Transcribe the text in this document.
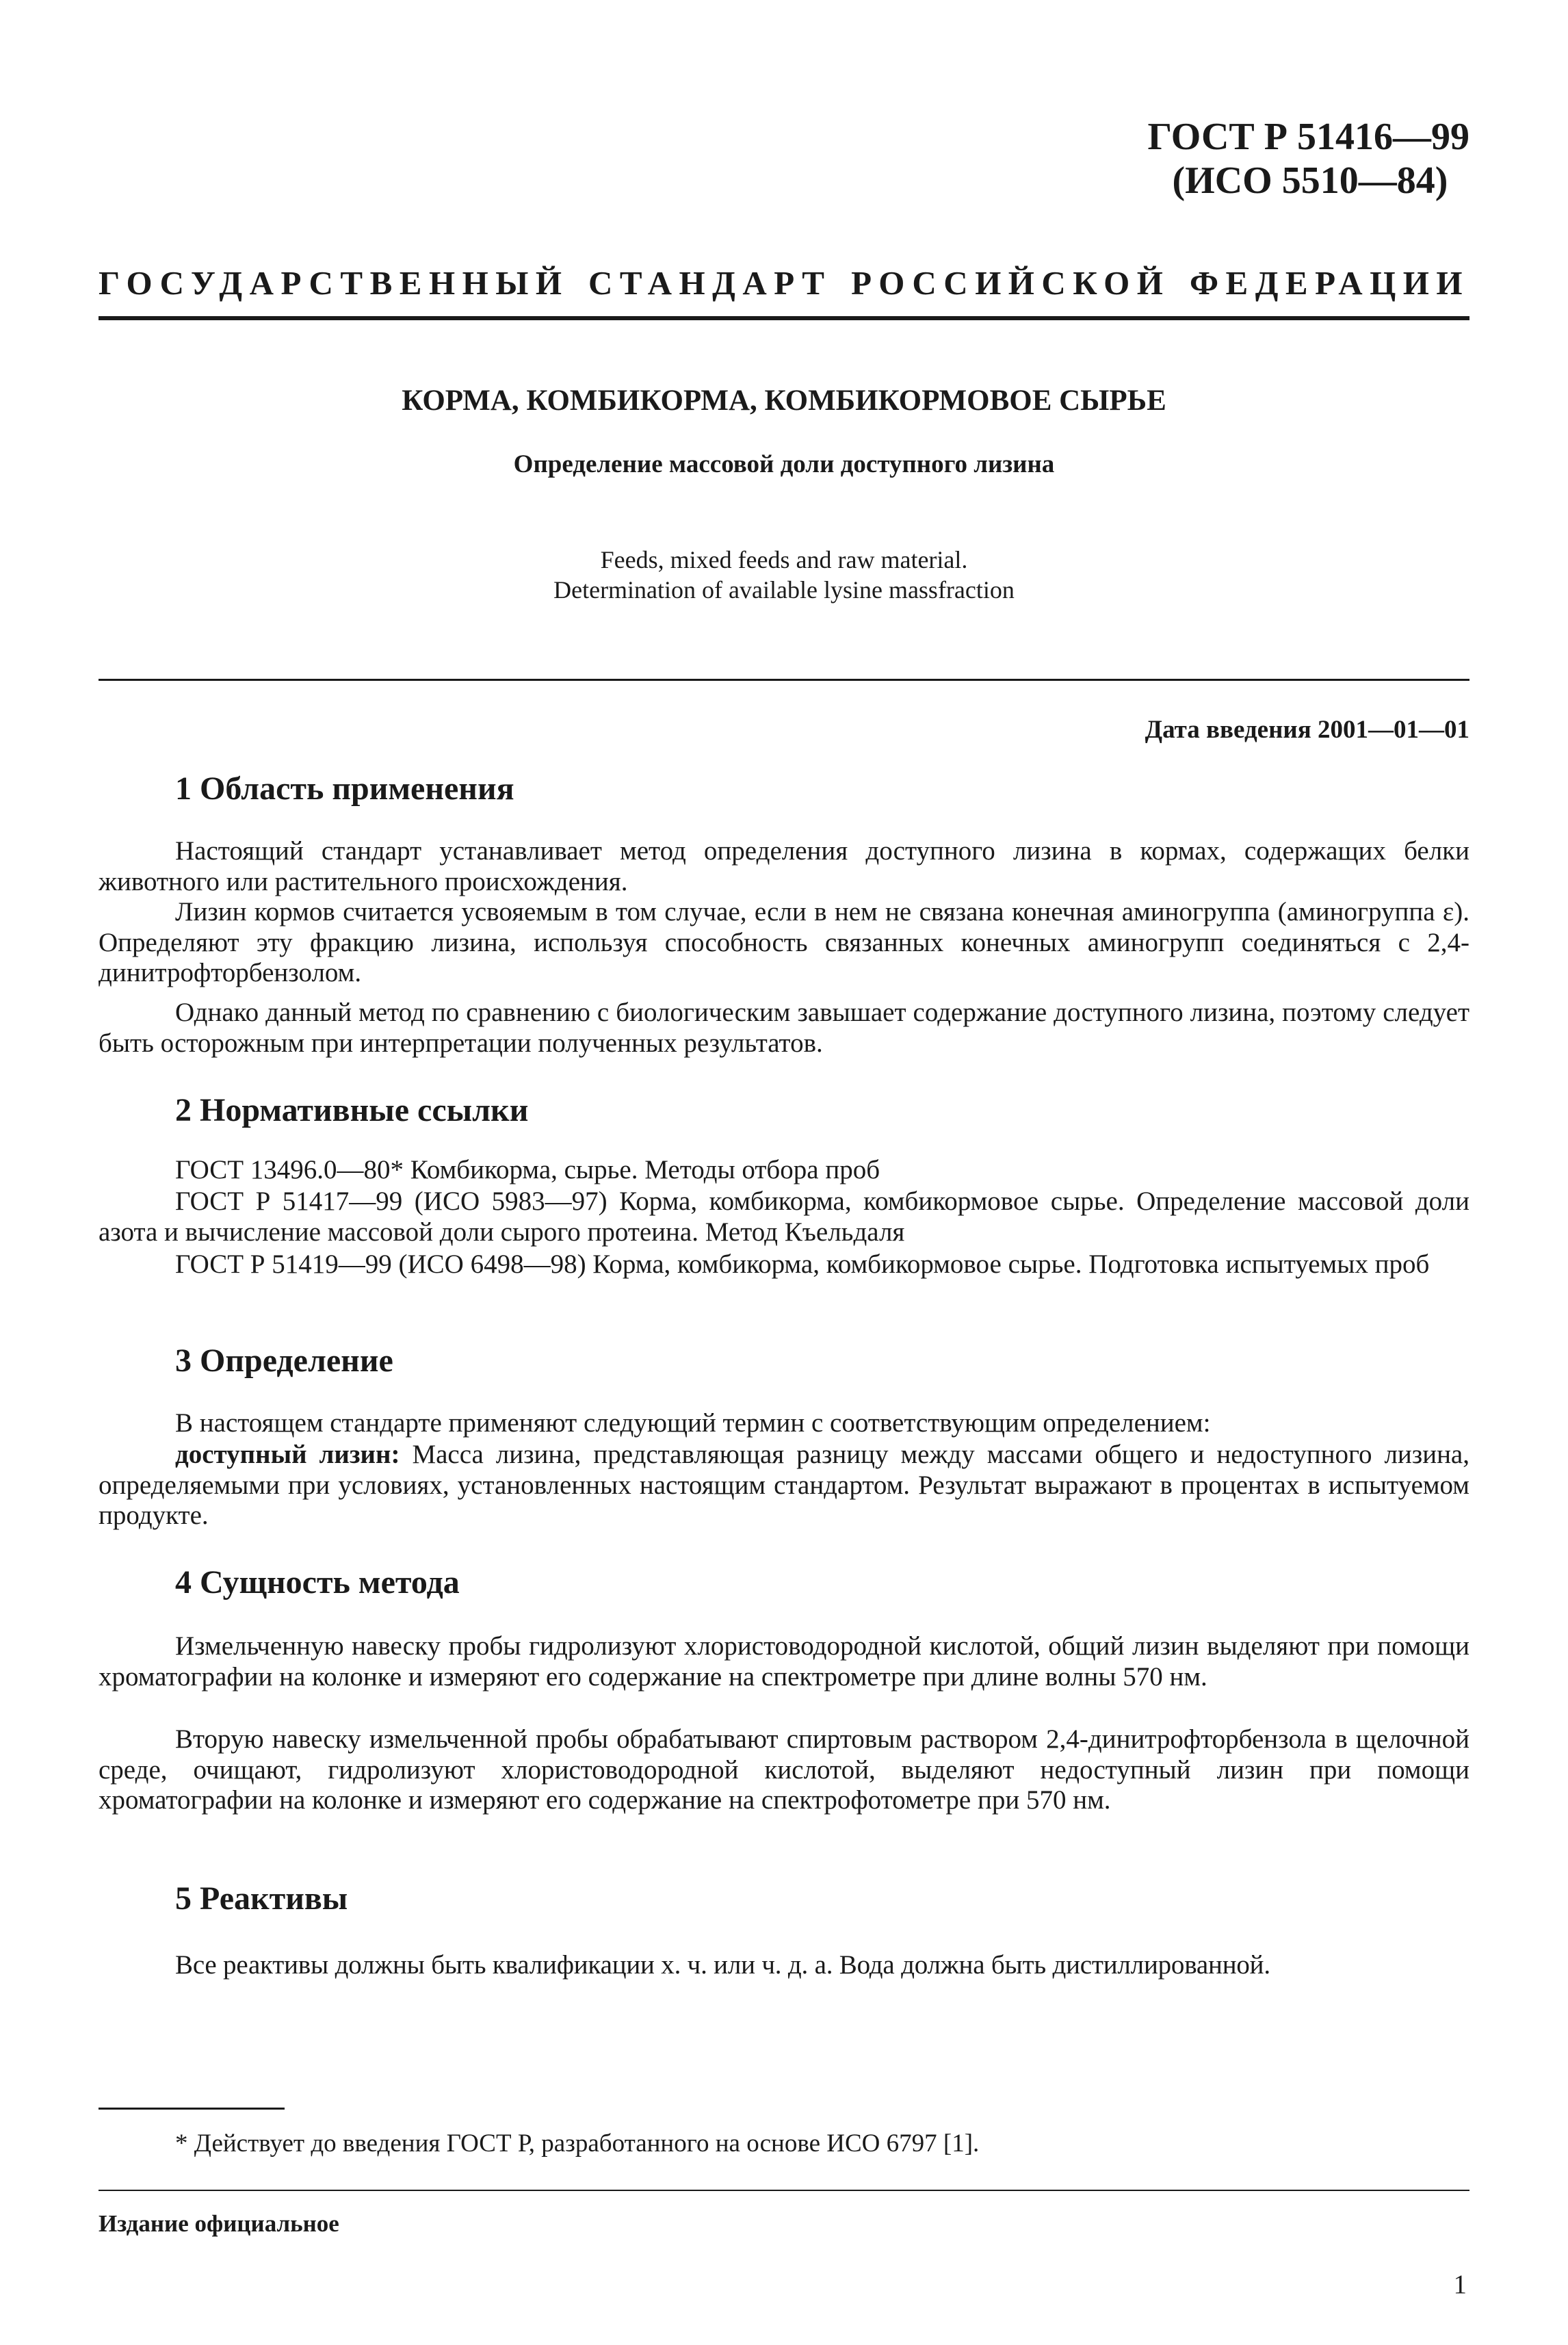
ГОСТ Р 51416—99
(ИСО 5510—84)
ГОСУДАРСТВЕННЫЙ СТАНДАРТ РОССИЙСКОЙ ФЕДЕРАЦИИ
КОРМА, КОМБИКОРМА, КОМБИКОРМОВОЕ СЫРЬЕ
Определение массовой доли доступного лизина
Feeds, mixed feeds and raw material.
Determination of available lysine massfraction
Дата введения 2001—01—01
1 Область применения
Настоящий стандарт устанавливает метод определения доступного лизина в кормах, содержащих белки животного или растительного происхождения.
Лизин кормов считается усвояемым в том случае, если в нем не связана конечная аминогруппа (аминогруппа ε). Определяют эту фракцию лизина, используя способность связанных конечных аминогрупп соединяться с 2,4-динитрофторбензолом.
Однако данный метод по сравнению с биологическим завышает содержание доступного лизина, поэтому следует быть осторожным при интерпретации полученных результатов.
2 Нормативные ссылки
ГОСТ 13496.0—80* Комбикорма, сырье. Методы отбора проб
ГОСТ Р 51417—99 (ИСО 5983—97) Корма, комбикорма, комбикормовое сырье. Определение массовой доли азота и вычисление массовой доли сырого протеина. Метод Къельдаля
ГОСТ Р 51419—99 (ИСО 6498—98) Корма, комбикорма, комбикормовое сырье. Подготовка испытуемых проб
3 Определение
В настоящем стандарте применяют следующий термин с соответствующим определением:
доступный лизин: Масса лизина, представляющая разницу между массами общего и недоступного лизина, определяемыми при условиях, установленных настоящим стандартом. Результат выражают в процентах в испытуемом продукте.
4 Сущность метода
Измельченную навеску пробы гидролизуют хлористоводородной кислотой, общий лизин выделяют при помощи хроматографии на колонке и измеряют его содержание на спектрометре при длине волны 570 нм.
Вторую навеску измельченной пробы обрабатывают спиртовым раствором 2,4-динитрофторбензола в щелочной среде, очищают, гидролизуют хлористоводородной кислотой, выделяют недоступный лизин при помощи хроматографии на колонке и измеряют его содержание на спектрофотометре при 570 нм.
5 Реактивы
Все реактивы должны быть квалификации х. ч. или ч. д. а. Вода должна быть дистиллированной.
* Действует до введения ГОСТ Р, разработанного на основе ИСО 6797 [1].
Издание официальное
1
